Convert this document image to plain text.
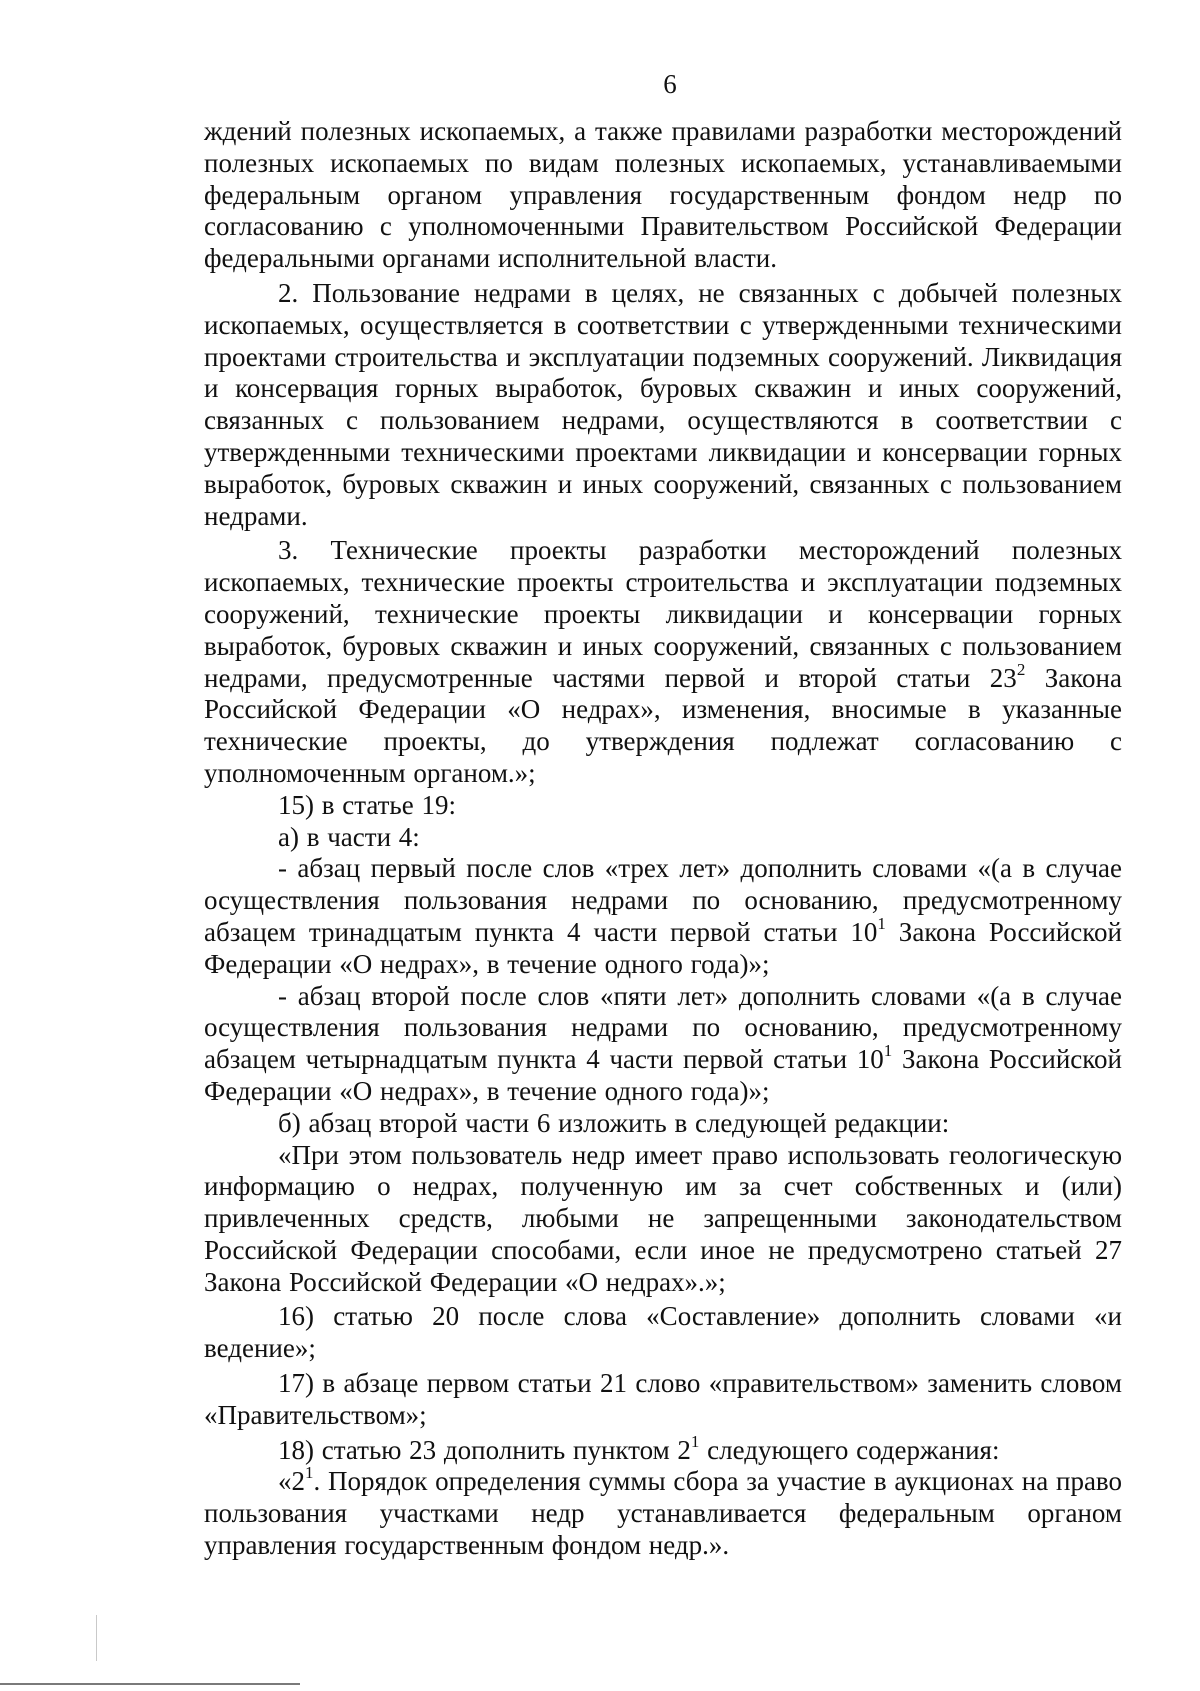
6

ждений полезных ископаемых, а также правилами разработки месторождений полезных ископаемых по видам полезных ископаемых, устанавливаемыми федеральным органом управления государственным фондом недр по согласованию с уполномоченными Правительством Российской Федерации федеральными органами исполнительной власти.

2. Пользование недрами в целях, не связанных с добычей полезных ископаемых, осуществляется в соответствии с утвержденными техническими проектами строительства и эксплуатации подземных сооружений. Ликвидация и консервация горных выработок, буровых скважин и иных сооружений, связанных с пользованием недрами, осуществляются в соответствии с утвержденными техническими проектами ликвидации и консервации горных выработок, буровых скважин и иных сооружений, связанных с пользованием недрами.

3. Технические проекты разработки месторождений полезных ископаемых, технические проекты строительства и эксплуатации подземных сооружений, технические проекты ликвидации и консервации горных выработок, буровых скважин и иных сооружений, связанных с пользованием недрами, предусмотренные частями первой и второй статьи $23^2$ Закона Российской Федерации «О недрах», изменения, вносимые в указанные технические проекты, до утверждения подлежат согласованию с уполномоченным органом.»;

15) в статье 19:

а) в части 4:

- абзац первый после слов «трех лет» дополнить словами «(а в случае осуществления пользования недрами по основанию, предусмотренному абзацем тринадцатым пункта 4 части первой статьи $10^1$ Закона Российской Федерации «О недрах», в течение одного года)»;

- абзац второй после слов «пяти лет» дополнить словами «(а в случае осуществления пользования недрами по основанию, предусмотренному абзацем четырнадцатым пункта 4 части первой статьи $10^1$ Закона Российской Федерации «О недрах», в течение одного года)»;

б) абзац второй части 6 изложить в следующей редакции:

«При этом пользователь недр имеет право использовать геологическую информацию о недрах, полученную им за счет собственных и (или) привлеченных средств, любыми не запрещенными законодательством Российской Федерации способами, если иное не предусмотрено статьей 27 Закона Российской Федерации «О недрах».»;

16) статью 20 после слова «Составление» дополнить словами «и ведение»;

17) в абзаце первом статьи 21 слово «правительством» заменить словом «Правительством»;

18) статью 23 дополнить пунктом $2^1$ следующего содержания:

«$2^1$. Порядок определения суммы сбора за участие в аукционах на право пользования участками недр устанавливается федеральным органом управления государственным фондом недр.».
